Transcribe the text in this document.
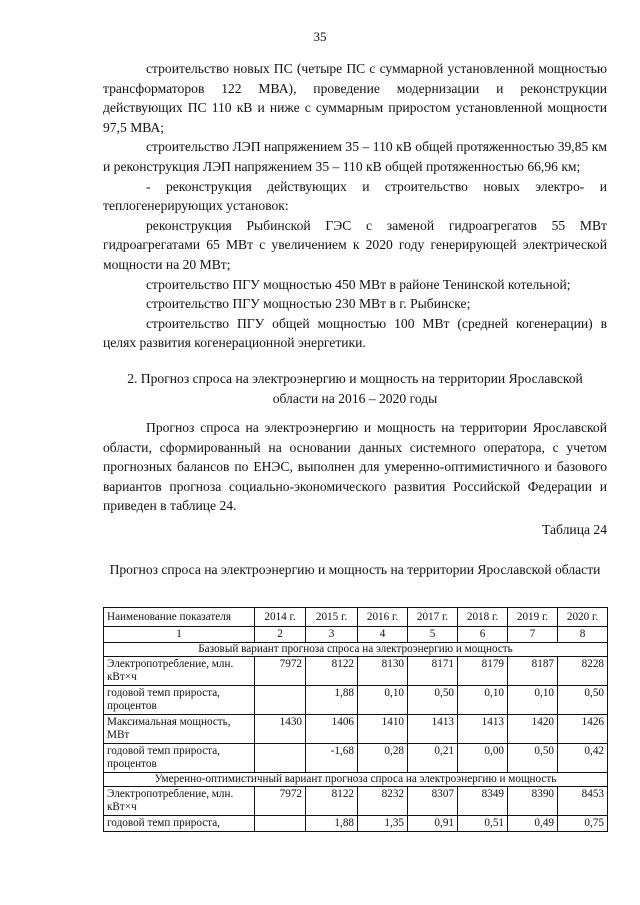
35

строительство новых ПС (четыре ПС с суммарной установленной мощностью трансформаторов 122 МВА), проведение модернизации и реконструкции действующих ПС 110 кВ и ниже с суммарным приростом установленной мощности 97,5 МВА;

строительство ЛЭП напряжением 35 – 110 кВ общей протяженностью 39,85 км и реконструкция ЛЭП напряжением 35 – 110 кВ общей протяженностью 66,96 км;

- реконструкция действующих и строительство новых электро- и теплогенерирующих установок:

реконструкция Рыбинской ГЭС с заменой гидроагрегатов 55 МВт гидроагрегатами 65 МВт с увеличением к 2020 году генерирующей электрической мощности на 20 МВт;

строительство ПГУ мощностью 450 МВт в районе Тенинской котельной;

строительство ПГУ мощностью 230 МВт в г. Рыбинске;

строительство ПГУ общей мощностью 100 МВт (средней когенерации) в целях развития когенерационной энергетики.

2. Прогноз спроса на электроэнергию и мощность на территории Ярославской области на 2016 – 2020 годы

Прогноз спроса на электроэнергию и мощность на территории Ярославской области, сформированный на основании данных системного оператора, с учетом прогнозных балансов по ЕНЭС, выполнен для умеренно-оптимистичного и базового вариантов прогноза социально-экономического развития Российской Федерации и приведен в таблице 24.

Таблица 24
Прогноз спроса на электроэнергию и мощность на территории Ярославской области
Наименование показателя	2014 г.	2015 г.	2016 г.	2017 г.	2018 г.	2019 г.	2020 г.
1	2	3	4	5	6	7	8
Базовый вариант прогноза спроса на электроэнергию и мощность							
Электропотребление, млн. кВт×ч	7972	8122	8130	8171	8179	8187	8228
годовой темп прироста, процентов		1,88	0,10	0,50	0,10	0,10	0,50
Максимальная мощность, МВт	1430	1406	1410	1413	1413	1420	1426
годовой темп прироста, процентов		-1,68	0,28	0,21	0,00	0,50	0,42
Умеренно-оптимистичный вариант прогноза спроса на электроэнергию и мощность							
Электропотребление, млн. кВт×ч	7972	8122	8232	8307	8349	8390	8453
годовой темп прироста,		1,88	1,35	0,91	0,51	0,49	0,75
